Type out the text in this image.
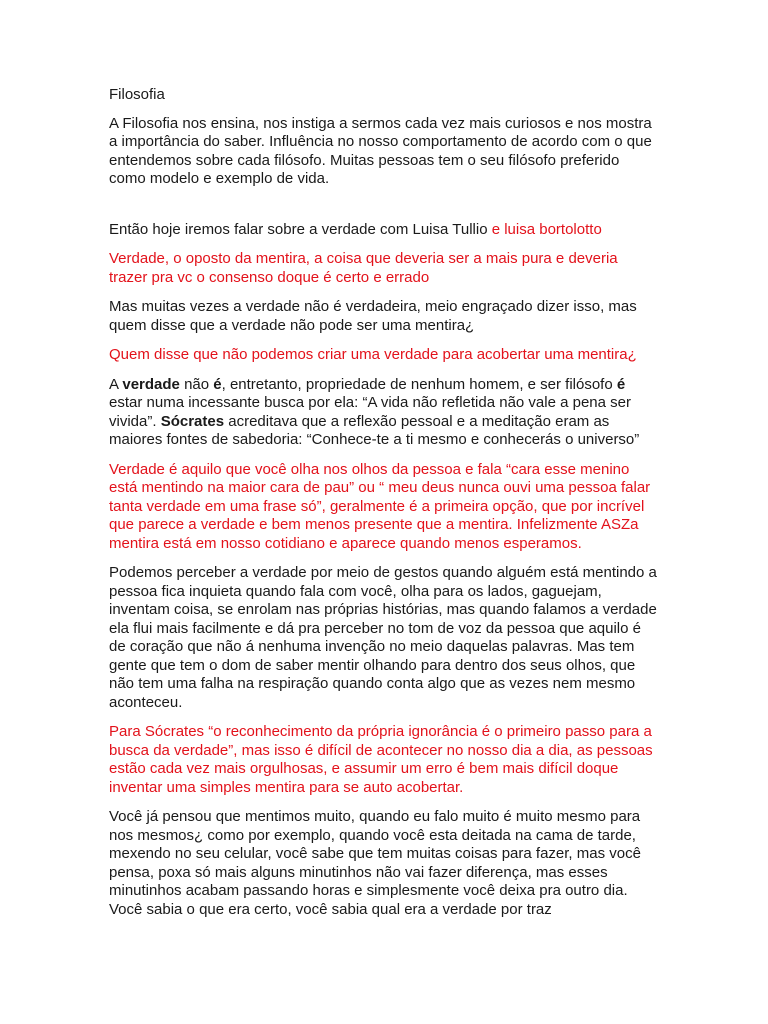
Filosofia

A Filosofia nos ensina, nos instiga a sermos cada vez mais curiosos e nos mostra a importância do saber. Influência no nosso comportamento de acordo com o que entendemos sobre cada filósofo. Muitas pessoas tem o seu filósofo preferido como modelo e exemplo de vida.

Então hoje iremos falar sobre a verdade com Luisa Tullio e luisa bortolotto

Verdade, o oposto da mentira, a coisa que deveria ser a mais pura e deveria trazer pra vc o consenso doque é certo e errado

Mas muitas vezes a verdade não é verdadeira, meio engraçado dizer isso, mas quem disse que a verdade não pode ser uma mentira¿

Quem disse que não podemos criar uma verdade para acobertar uma mentira¿

A verdade não é, entretanto, propriedade de nenhum homem, e ser filósofo é estar numa incessante busca por ela: “A vida não refletida não vale a pena ser vivida”. Sócrates acreditava que a reflexão pessoal e a meditação eram as maiores fontes de sabedoria: “Conhece-te a ti mesmo e conhecerás o universo”

Verdade é aquilo que você olha nos olhos da pessoa e fala “cara esse menino está mentindo na maior cara de pau” ou “ meu deus nunca ouvi uma pessoa falar tanta verdade em uma frase só”, geralmente é a primeira opção, que por incrível que parece a verdade e bem menos presente que a mentira. Infelizmente ASZa mentira está em nosso cotidiano e aparece quando menos esperamos.

Podemos perceber a verdade por meio de gestos quando alguém está mentindo a pessoa fica inquieta quando fala com você, olha para os lados, gaguejam, inventam coisa, se enrolam nas próprias histórias, mas quando falamos a verdade ela flui mais facilmente e dá pra perceber no tom de voz da pessoa que aquilo é de coração que não á nenhuma invenção no meio daquelas palavras. Mas tem gente que tem o dom de saber mentir olhando para dentro dos seus olhos, que não tem uma falha na respiração quando conta algo que as vezes nem mesmo aconteceu.

Para Sócrates “o reconhecimento da própria ignorância é o primeiro passo para a busca da verdade”, mas isso é difícil de acontecer no nosso dia a dia, as pessoas estão cada vez mais orgulhosas, e assumir um erro é bem mais difícil doque inventar uma simples mentira para se auto acobertar.

Você já pensou que mentimos muito, quando eu falo muito é muito mesmo para nos mesmos¿ como por exemplo, quando você esta deitada na cama de tarde, mexendo no seu celular, você sabe que tem muitas coisas para fazer, mas você pensa, poxa só mais alguns minutinhos não vai fazer diferença, mas esses minutinhos acabam passando horas e simplesmente você deixa pra outro dia. Você sabia o que era certo, você sabia qual era a verdade por traz
